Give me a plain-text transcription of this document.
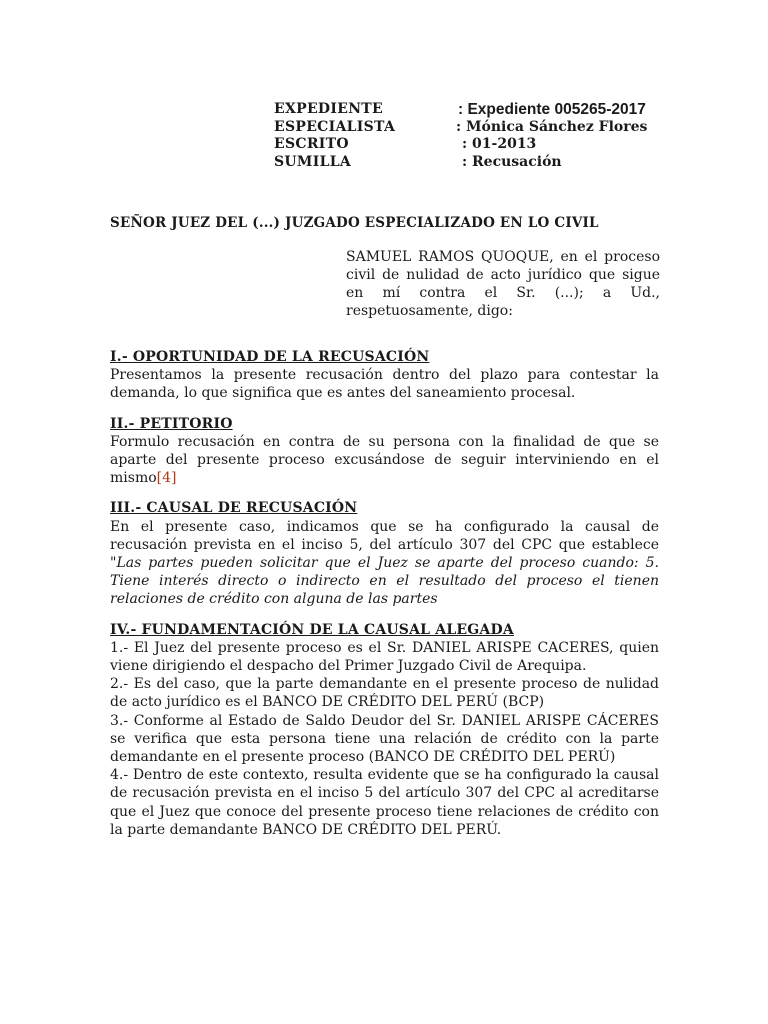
EXPEDIENTE	: Expediente 005265-2017
ESPECIALISTA	: Mónica Sánchez Flores
ESCRITO	: 01-2013
SUMILLA	: Recusación
SEÑOR JUEZ DEL (...) JUZGADO ESPECIALIZADO EN LO CIVIL
SAMUEL RAMOS QUOQUE, en el proceso civil de nulidad de acto jurídico que sigue en mí contra el Sr. (...); a Ud.,
respetuosamente, digo:
I.- OPORTUNIDAD DE LA RECUSACIÓN
Presentamos la presente recusación dentro del plazo para contestar la demanda, lo que significa que es antes del saneamiento procesal.
II.- PETITORIO
Formulo recusación en contra de su persona con la finalidad de que se aparte del presente proceso excusándose de seguir interviniendo en el mismo[4]
III.- CAUSAL DE RECUSACIÓN
En el presente caso, indicamos que se ha configurado la causal de recusación prevista en el inciso 5, del artículo 307 del CPC que establece "Las partes pueden solicitar que el Juez se aparte del proceso cuando: 5. Tiene interés directo o indirecto en el resultado del proceso el tienen relaciones de crédito con alguna de las partes
IV.- FUNDAMENTACIÓN DE LA CAUSAL ALEGADA
1.- El Juez del presente proceso es el Sr. DANIEL ARISPE CACERES, quien viene dirigiendo el despacho del Primer Juzgado Civil de Arequipa.
2.- Es del caso, que la parte demandante en el presente proceso de nulidad de acto jurídico es el BANCO DE CRÉDITO DEL PERÚ (BCP)
3.- Conforme al Estado de Saldo Deudor del Sr. DANIEL ARISPE CÁCERES se verifica que esta persona tiene una relación de crédito con la parte demandante en el presente proceso (BANCO DE CRÉDITO DEL PERÚ)
4.- Dentro de este contexto, resulta evidente que se ha configurado la causal de recusación prevista en el inciso 5 del artículo 307 del CPC al acreditarse que el Juez que conoce del presente proceso tiene relaciones de crédito con la parte demandante BANCO DE CRÉDITO DEL PERÚ.
